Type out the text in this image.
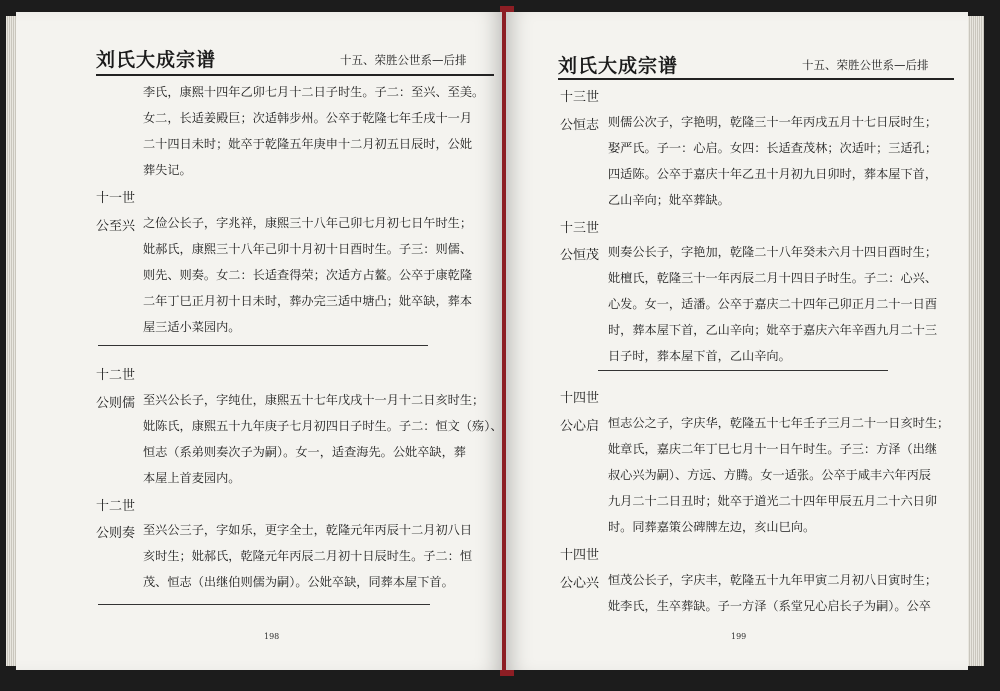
刘氏大成宗谱	十五、荣胜公世系—后排
李氏，康熙十四年乙卯七月十二日子时生。子二：至兴、至美。
女二，长适姜殿巨；次适韩步州。公卒于乾隆七年壬戌十一月
二十四日未时；妣卒于乾隆五年庚申十二月初五日辰时，公妣
葬失记。
十一世
公至兴 之俭公长子，字兆祥，康熙三十八年己卯七月初七日午时生；
妣郝氏，康熙三十八年己卯十月初十日酉时生。子三：则儒、
则先、则奏。女二：长适查得荣；次适方占鳌。公卒于康乾隆
二年丁巳正月初十日未时，葬办完三适中塘凸；妣卒缺，葬本
屋三适小菜园内。
十二世
公则儒 至兴公长子，字纯仕，康熙五十七年戊戌十一月十二日亥时生；
妣陈氏，康熙五十九年庚子七月初四日子时生。子二：恒文（殇）、
恒志（系弟则奏次子为嗣）。女一，适查海先。公妣卒缺，葬
本屋上首麦园内。
十二世
公则奏 至兴公三子，字如乐，更字全士，乾隆元年丙辰十二月初八日
亥时生；妣郝氏，乾隆元年丙辰二月初十日辰时生。子二：恒
茂、恒志（出继伯则儒为嗣）。公妣卒缺，同葬本屋下首。
198
刘氏大成宗谱	十五、荣胜公世系—后排
十三世
公恒志 则儒公次子，字艳明，乾隆三十一年丙戌五月十七日辰时生；
娶严氏。子一：心启。女四：长适查茂林；次适叶；三适孔；
四适陈。公卒于嘉庆十年乙丑十月初九日卯时，葬本屋下首，
乙山辛向；妣卒葬缺。
十三世
公恒茂 则奏公长子，字艳加，乾隆二十八年癸未六月十四日酉时生；
妣檀氏，乾隆三十一年丙辰二月十四日子时生。子二：心兴、
心发。女一，适潘。公卒于嘉庆二十四年己卯正月二十一日酉
时，葬本屋下首，乙山辛向；妣卒于嘉庆六年辛酉九月二十三
日子时，葬本屋下首，乙山辛向。
十四世
公心启 恒志公之子，字庆华，乾隆五十七年壬子三月二十一日亥时生；
妣章氏，嘉庆二年丁巳七月十一日午时生。子三：方泽（出继
叔心兴为嗣）、方远、方腾。女一适张。公卒于咸丰六年丙辰
九月二十二日丑时；妣卒于道光二十四年甲辰五月二十六日卯
时。同葬嘉策公碑牌左边，亥山巳向。
十四世
公心兴 恒茂公长子，字庆丰，乾隆五十九年甲寅二月初八日寅时生；
妣李氏，生卒葬缺。子一方泽（系堂兄心启长子为嗣）。公卒
199
